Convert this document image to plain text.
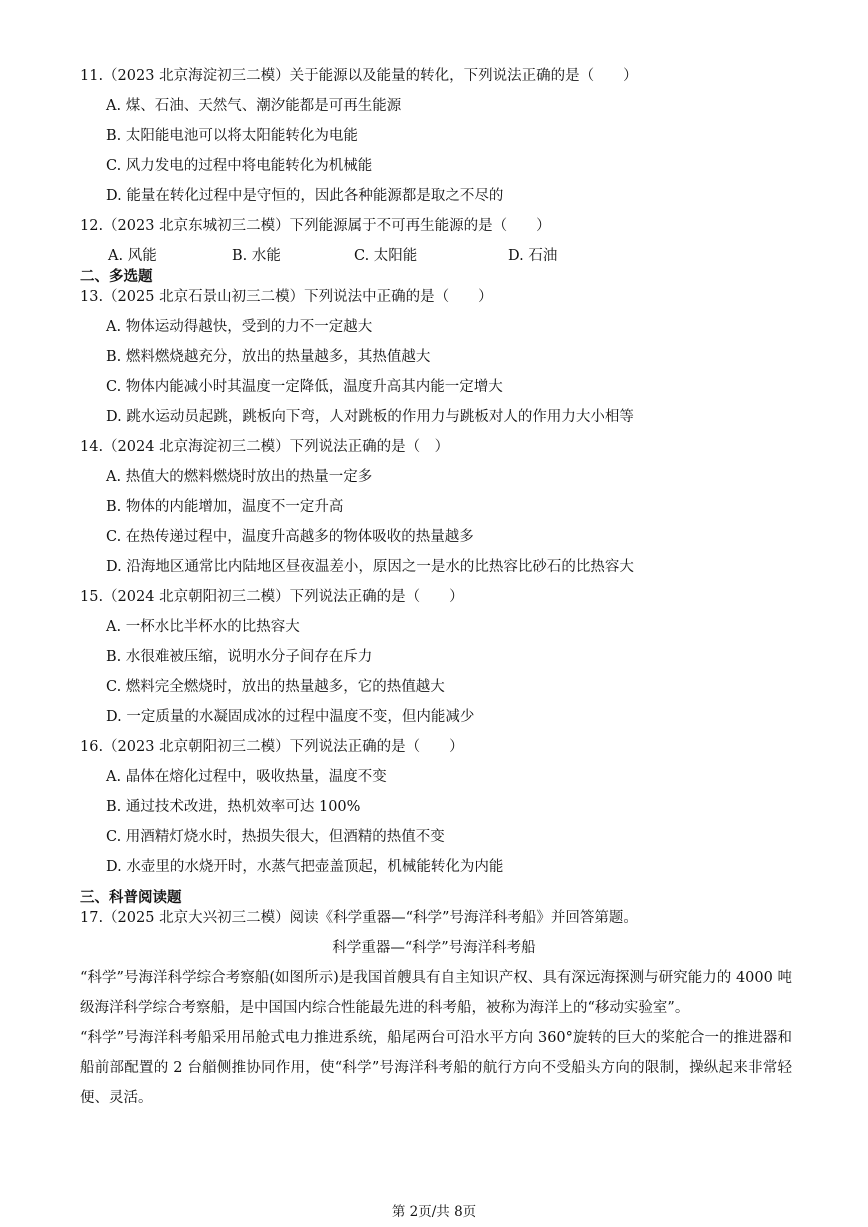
11.（2023 北京海淀初三二模）关于能源以及能量的转化，下列说法正确的是（　　）
A. 煤、石油、天然气、潮汐能都是可再生能源
B. 太阳能电池可以将太阳能转化为电能
C. 风力发电的过程中将电能转化为机械能
D. 能量在转化过程中是守恒的，因此各种能源都是取之不尽的
12.（2023 北京东城初三二模）下列能源属于不可再生能源的是（　　）
A. 风能	B. 水能	C. 太阳能	D. 石油
二、多选题
13.（2025 北京石景山初三二模）下列说法中正确的是（　　）
A. 物体运动得越快，受到的力不一定越大
B. 燃料燃烧越充分，放出的热量越多，其热值越大
C. 物体内能减小时其温度一定降低，温度升高其内能一定增大
D. 跳水运动员起跳，跳板向下弯，人对跳板的作用力与跳板对人的作用力大小相等
14.（2024 北京海淀初三二模）下列说法正确的是（　）
A. 热值大的燃料燃烧时放出的热量一定多
B. 物体的内能增加，温度不一定升高
C. 在热传递过程中，温度升高越多的物体吸收的热量越多
D. 沿海地区通常比内陆地区昼夜温差小，原因之一是水的比热容比砂石的比热容大
15.（2024 北京朝阳初三二模）下列说法正确的是（　　）
A. 一杯水比半杯水的比热容大
B. 水很难被压缩，说明水分子间存在斥力
C. 燃料完全燃烧时，放出的热量越多，它的热值越大
D. 一定质量的水凝固成冰的过程中温度不变，但内能减少
16.（2023 北京朝阳初三二模）下列说法正确的是（　　）
A. 晶体在熔化过程中，吸收热量，温度不变
B. 通过技术改进，热机效率可达 100%
C. 用酒精灯烧水时，热损失很大，但酒精的热值不变
D. 水壶里的水烧开时，水蒸气把壶盖顶起，机械能转化为内能
三、科普阅读题
17.（2025 北京大兴初三二模）阅读《科学重器—“科学”号海洋科考船》并回答第题。
科学重器—“科学”号海洋科考船
“科学”号海洋科学综合考察船(如图所示)是我国首艘具有自主知识产权、具有深远海探测与研究能力的 4000 吨级海洋科学综合考察船，是中国国内综合性能最先进的科考船，被称为海洋上的“移动实验室”。
“科学”号海洋科考船采用吊舱式电力推进系统，船尾两台可沿水平方向 360°旋转的巨大的桨舵合一的推进器和船前部配置的 2 台艏侧推协同作用，使“科学”号海洋科考船的航行方向不受船头方向的限制，操纵起来非常轻便、灵活。
第 2页/共 8页
